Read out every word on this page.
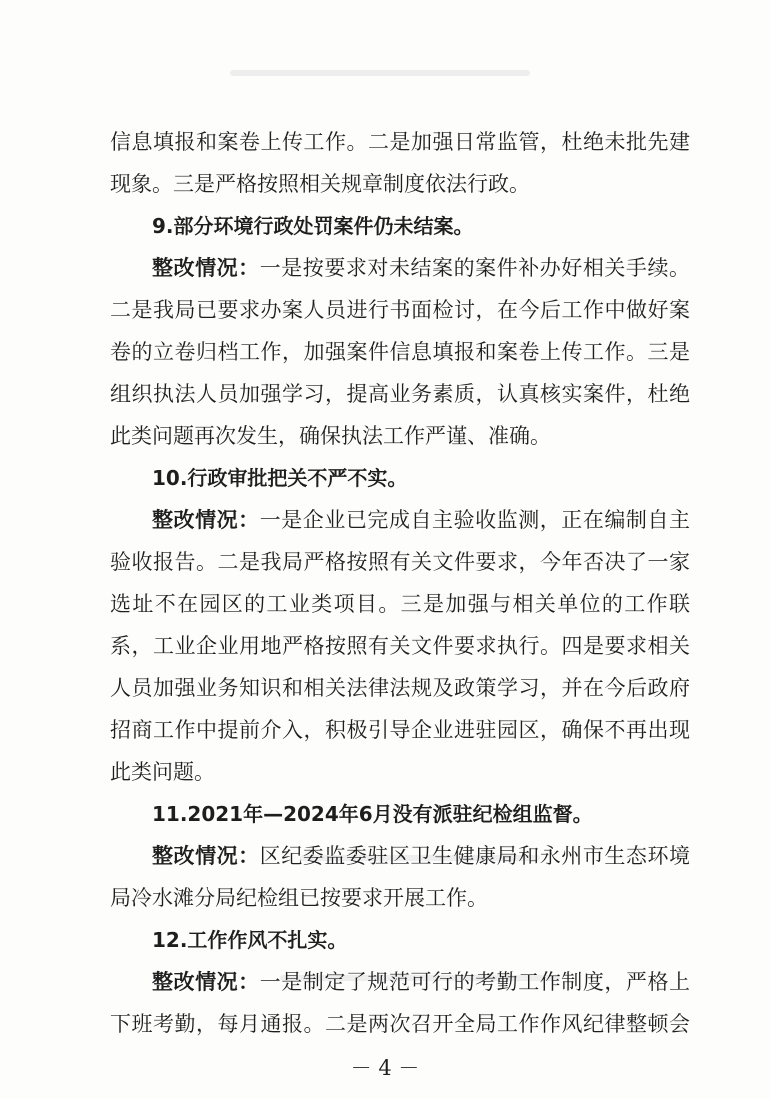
信息填报和案卷上传工作。二是加强日常监管，杜绝未批先建
现象。三是严格按照相关规章制度依法行政。
9.部分环境行政处罚案件仍未结案。
整改情况：一是按要求对未结案的案件补办好相关手续。
二是我局已要求办案人员进行书面检讨，在今后工作中做好案
卷的立卷归档工作，加强案件信息填报和案卷上传工作。三是
组织执法人员加强学习，提高业务素质，认真核实案件，杜绝
此类问题再次发生，确保执法工作严谨、准确。
10.行政审批把关不严不实。
整改情况：一是企业已完成自主验收监测，正在编制自主
验收报告。二是我局严格按照有关文件要求，今年否决了一家
选址不在园区的工业类项目。三是加强与相关单位的工作联
系，工业企业用地严格按照有关文件要求执行。四是要求相关
人员加强业务知识和相关法律法规及政策学习，并在今后政府
招商工作中提前介入，积极引导企业进驻园区，确保不再出现
此类问题。
11.2021年—2024年6月没有派驻纪检组监督。
整改情况：区纪委监委驻区卫生健康局和永州市生态环境
局冷水滩分局纪检组已按要求开展工作。
12.工作作风不扎实。
整改情况：一是制定了规范可行的考勤工作制度，严格上
下班考勤，每月通报。二是两次召开全局工作作风纪律整顿会
－ 4 －
